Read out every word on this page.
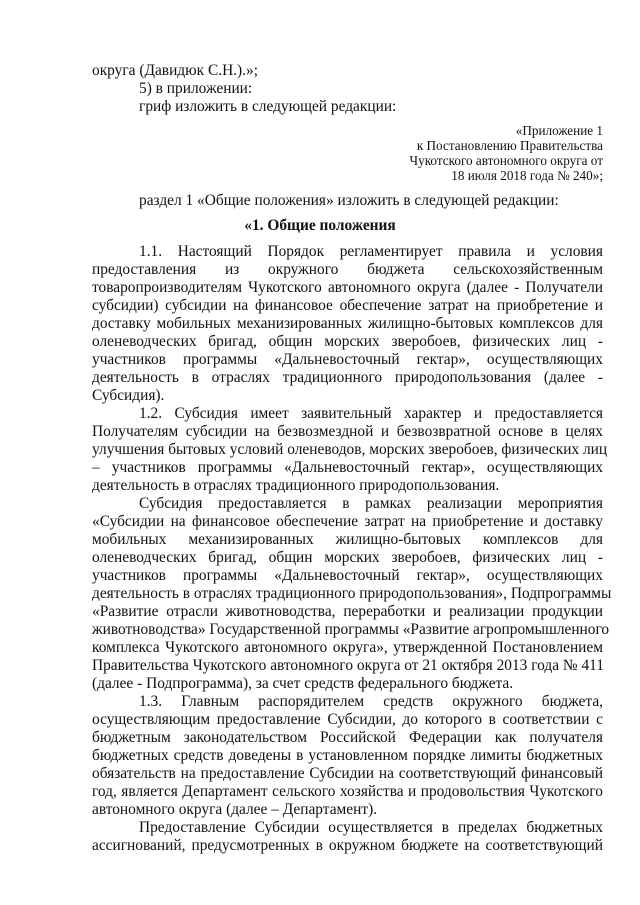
округа (Давидюк С.Н.).»;
5) в приложении:
гриф изложить в следующей редакции:
«Приложение 1
к Постановлению Правительства
Чукотского автономного округа от
18 июля 2018 года № 240»;
раздел 1 «Общие положения» изложить в следующей редакции:
«1. Общие положения
1.1. Настоящий Порядок регламентирует правила и условия
предоставления из окружного бюджета сельскохозяйственным
товаропроизводителям Чукотского автономного округа (далее - Получатели
субсидии) субсидии на финансовое обеспечение затрат на приобретение и
доставку мобильных механизированных жилищно-бытовых комплексов для
оленеводческих бригад, общин морских зверобоев, физических лиц -
участников программы «Дальневосточный гектар», осуществляющих
деятельность в отраслях традиционного природопользования (далее -
Субсидия).
1.2. Субсидия имеет заявительный характер и предоставляется
Получателям субсидии на безвозмездной и безвозвратной основе в целях
улучшения бытовых условий оленеводов, морских зверобоев, физических лиц
– участников программы «Дальневосточный гектар», осуществляющих
деятельность в отраслях традиционного природопользования.
Субсидия предоставляется в рамках реализации мероприятия
«Субсидии на финансовое обеспечение затрат на приобретение и доставку
мобильных механизированных жилищно-бытовых комплексов для
оленеводческих бригад, общин морских зверобоев, физических лиц -
участников программы «Дальневосточный гектар», осуществляющих
деятельность в отраслях традиционного природопользования», Подпрограммы
«Развитие отрасли животноводства, переработки и реализации продукции
животноводства» Государственной программы «Развитие агропромышленного
комплекса Чукотского автономного округа», утвержденной Постановлением
Правительства Чукотского автономного округа от 21 октября 2013 года № 411
(далее - Подпрограмма), за счет средств федерального бюджета.
1.3. Главным распорядителем средств окружного бюджета,
осуществляющим предоставление Субсидии, до которого в соответствии с
бюджетным законодательством Российской Федерации как получателя
бюджетных средств доведены в установленном порядке лимиты бюджетных
обязательств на предоставление Субсидии на соответствующий финансовый
год, является Департамент сельского хозяйства и продовольствия Чукотского
автономного округа (далее – Департамент).
Предоставление Субсидии осуществляется в пределах бюджетных
ассигнований, предусмотренных в окружном бюджете на соответствующий
